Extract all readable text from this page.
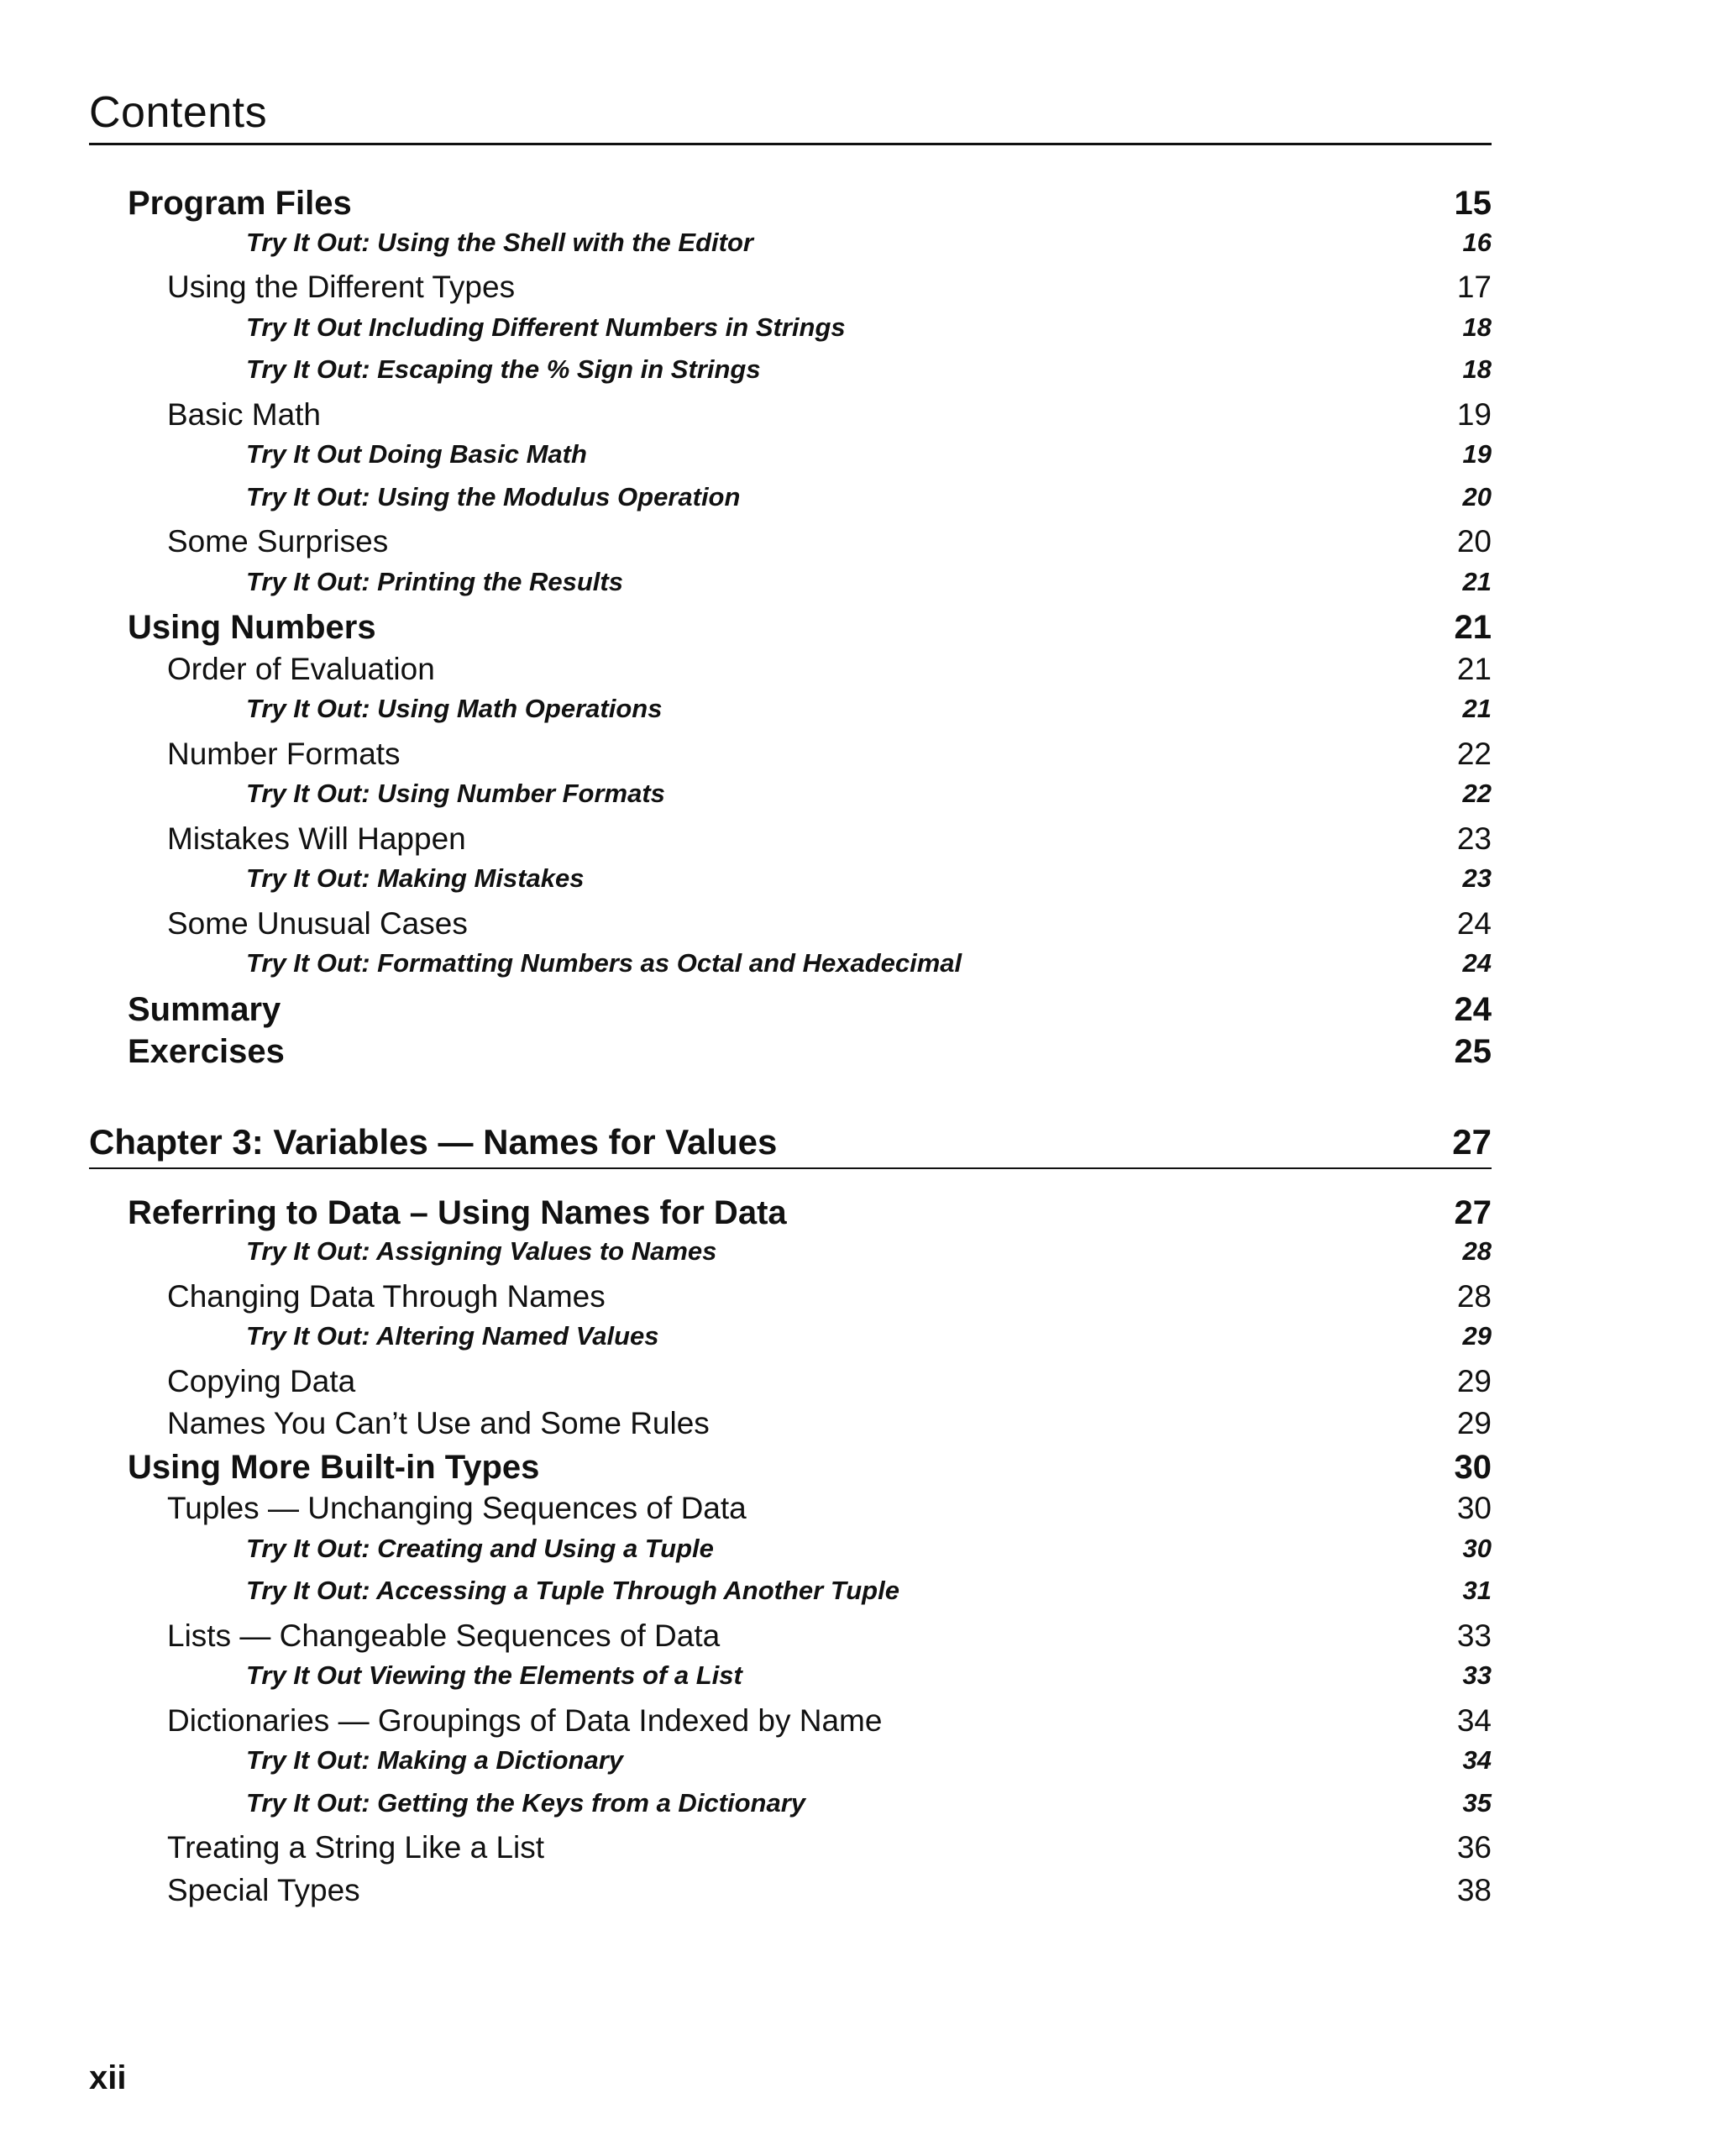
Contents
Program Files	15
Try It Out: Using the Shell with the Editor	16
Using the Different Types	17
Try It Out Including Different Numbers in Strings	18
Try It Out: Escaping the % Sign in Strings	18
Basic Math	19
Try It Out Doing Basic Math	19
Try It Out: Using the Modulus Operation	20
Some Surprises	20
Try It Out: Printing the Results	21
Using Numbers	21
Order of Evaluation	21
Try It Out: Using Math Operations	21
Number Formats	22
Try It Out: Using Number Formats	22
Mistakes Will Happen	23
Try It Out: Making Mistakes	23
Some Unusual Cases	24
Try It Out: Formatting Numbers as Octal and Hexadecimal	24
Summary	24
Exercises	25
Chapter 3: Variables — Names for Values	27
Referring to Data – Using Names for Data	27
Try It Out: Assigning Values to Names	28
Changing Data Through Names	28
Try It Out: Altering Named Values	29
Copying Data	29
Names You Can’t Use and Some Rules	29
Using More Built-in Types	30
Tuples — Unchanging Sequences of Data	30
Try It Out: Creating and Using a Tuple	30
Try It Out: Accessing a Tuple Through Another Tuple	31
Lists — Changeable Sequences of Data	33
Try It Out Viewing the Elements of a List	33
Dictionaries — Groupings of Data Indexed by Name	34
Try It Out: Making a Dictionary	34
Try It Out: Getting the Keys from a Dictionary	35
Treating a String Like a List	36
Special Types	38
xii
